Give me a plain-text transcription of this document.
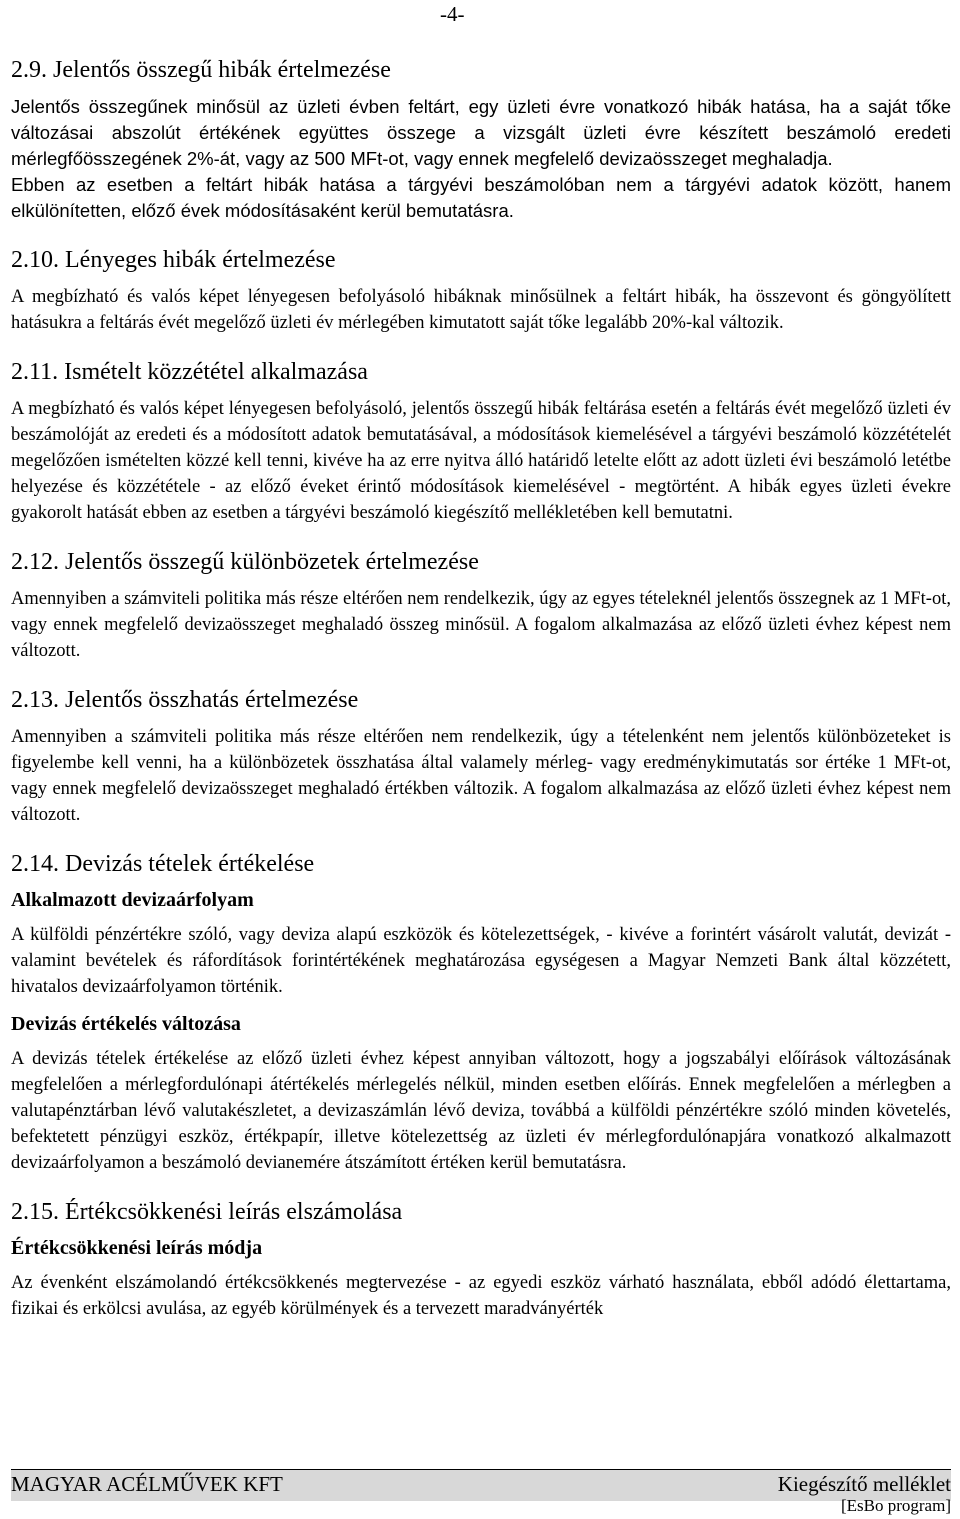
-4-
2.9. Jelentős összegű hibák értelmezése

Jelentős összegűnek minősül az üzleti évben feltárt, egy üzleti évre vonatkozó hibák hatása, ha a saját tőke változásai abszolút értékének együttes összege a vizsgált üzleti évre készített beszámoló eredeti mérlegfőösszegének 2%-át, vagy az 500 MFt-ot, vagy ennek megfelelő devizaösszeget meghaladja.

Ebben az esetben a feltárt hibák hatása a tárgyévi beszámolóban nem a tárgyévi adatok között, hanem elkülönítetten, előző évek módosításaként kerül bemutatásra.

2.10. Lényeges hibák értelmezése

A megbízható és valós képet lényegesen befolyásoló hibáknak minősülnek a feltárt hibák, ha összevont és göngyölített hatásukra a feltárás évét megelőző üzleti év mérlegében kimutatott saját tőke legalább 20%-kal változik.

2.11. Ismételt közzététel alkalmazása

A megbízható és valós képet lényegesen befolyásoló, jelentős összegű hibák feltárása esetén a feltárás évét megelőző üzleti év beszámolóját az eredeti és a módosított adatok bemutatásával, a módosítások kiemelésével a tárgyévi beszámoló közzétételét megelőzően ismételten közzé kell tenni, kivéve ha az erre nyitva álló határidő letelte előtt az adott üzleti évi beszámoló letétbe helyezése és közzététele - az előző éveket érintő módosítások kiemelésével - megtörtént. A hibák egyes üzleti évekre gyakorolt hatását ebben az esetben a tárgyévi beszámoló kiegészítő mellékletében kell bemutatni.

2.12. Jelentős összegű különbözetek értelmezése

Amennyiben a számviteli politika más része eltérően nem rendelkezik, úgy az egyes tételeknél jelentős összegnek az 1 MFt-ot, vagy ennek megfelelő devizaösszeget meghaladó összeg minősül. A fogalom alkalmazása az előző üzleti évhez képest nem változott.

2.13. Jelentős összhatás értelmezése

Amennyiben a számviteli politika más része eltérően nem rendelkezik, úgy a tételenként nem jelentős különbözeteket is figyelembe kell venni, ha a különbözetek összhatása által valamely mérleg- vagy eredménykimutatás sor értéke 1 MFt-ot, vagy ennek megfelelő devizaösszeget meghaladó értékben változik. A fogalom alkalmazása az előző üzleti évhez képest nem változott.

2.14. Devizás tételek értékelése
Alkalmazott devizaárfolyam

A külföldi pénzértékre szóló, vagy deviza alapú eszközök és kötelezettségek, - kivéve a forintért vásárolt valutát, devizát - valamint bevételek és ráfordítások forintértékének meghatározása egységesen a Magyar Nemzeti Bank által közzétett, hivatalos devizaárfolyamon történik.

Devizás értékelés változása

A devizás tételek értékelése az előző üzleti évhez képest annyiban változott, hogy a jogszabályi előírások változásának megfelelően a mérlegfordulónapi átértékelés mérlegelés nélkül, minden esetben előírás. Ennek megfelelően a mérlegben a valutapénztárban lévő valutakészletet, a devizaszámlán lévő deviza, továbbá a külföldi pénzértékre szóló minden követelés, befektetett pénzügyi eszköz, értékpapír, illetve kötelezettség az üzleti év mérlegfordulónapjára vonatkozó alkalmazott devizaárfolyamon a beszámoló devianemére átszámított értéken kerül bemutatásra.

2.15. Értékcsökkenési leírás elszámolása
Értékcsökkenési leírás módja

Az évenként elszámolandó értékcsökkenés megtervezése - az egyedi eszköz várható használata, ebből adódó élettartama, fizikai és erkölcsi avulása, az egyéb körülmények és a tervezett maradványérték

MAGYAR ACÉLMŰVEK KFT	Kiegészítő melléklet
[EsBo program]
